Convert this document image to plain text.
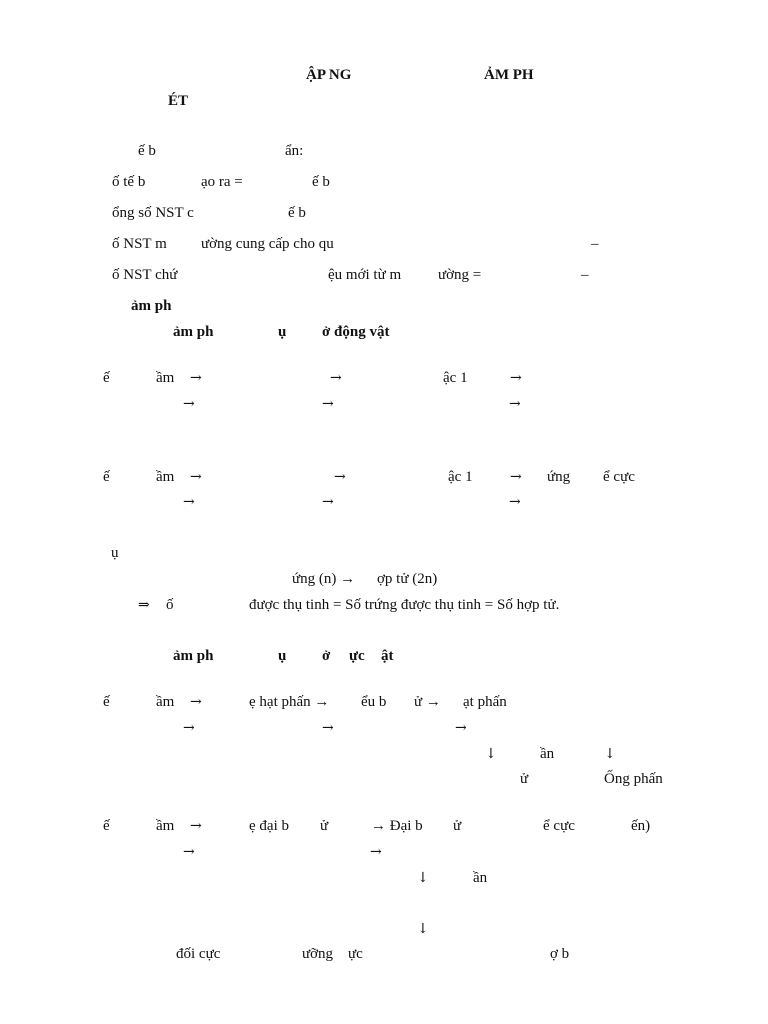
ẬP NG	ẢM PH
ÉT
ế b	ẩn:
ố tế b	ạo ra =	ế b
ổng số NST c	ế b
ố NST m ường cung cấp cho qu	–
ố NST chứ	ệu mới từ m ường =	–
ảm ph
ảm ph	ụ ở động vật
ế	ầm →	→	ậc 1	→
→	→	→
ế	ầm →	→	ậc 1	→ ứng ể cực
→	→	→
ụ
ứng (n) → ợp tử (2n)
⇒ ố	được thụ tinh = Số trứng được thụ tinh = Số hợp tử.
ảm ph	ụ ở ực ật
ế	ầm →	ẹ hạt phấn → ểu b ử → ạt phấn
→	→	→
↓	ần	↓
ử	Ống phấn
ế	ầm →	ẹ đại b ử	→ Đại b ử	ể cực	ến)
→	→
↓	ần
↓
đối cực	ưỡng ực	ợ b
